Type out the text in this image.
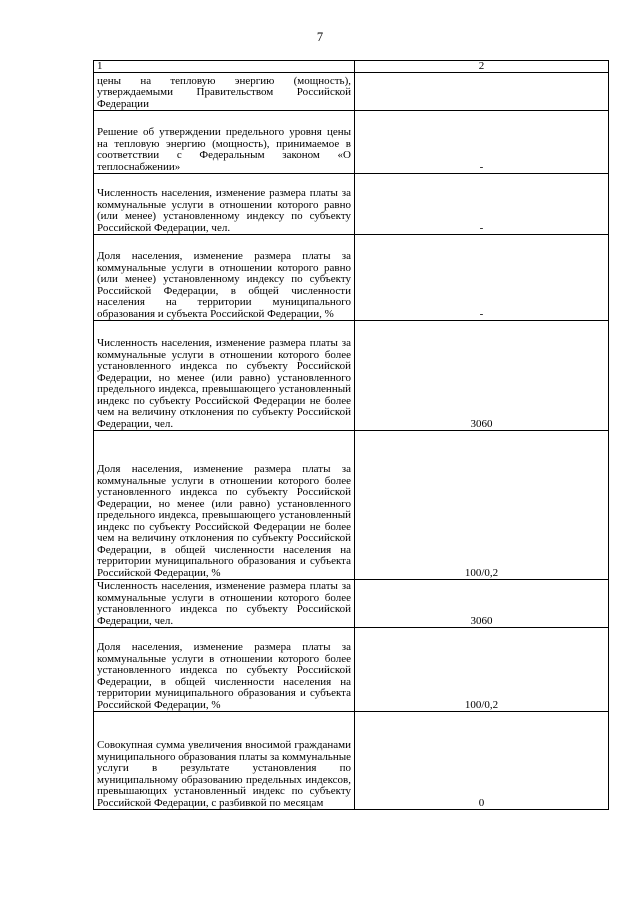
7
1	2
цены на тепловую энергию (мощность), утверждаемыми Правительством Российской Федерации	
Решение об утверждении предельного уровня цены на тепловую энергию (мощность), принимаемое в соответствии с Федеральным законом «О теплоснабжении»	-
Численность населения, изменение размера платы за коммунальные услуги в отношении которого равно (или менее) установленному индексу по субъекту Российской Федерации, чел.	-
Доля населения, изменение размера платы за коммунальные услуги в отношении которого равно (или менее) установленному индексу по субъекту Российской Федерации, в общей численности населения на территории муниципального образования и субъекта Российской Федерации, %	-
Численность населения, изменение размера платы за коммунальные услуги в отношении которого более установленного индекса по субъекту Российской Федерации, но менее (или равно) установленного предельного индекса, превышающего установленный индекс по субъекту Российской Федерации не более чем на величину отклонения по субъекту Российской Федерации, чел.	3060
Доля населения, изменение размера платы за коммунальные услуги в отношении которого более установленного индекса по субъекту Российской Федерации, но менее (или равно) установленного предельного индекса, превышающего установленный индекс по субъекту Российской Федерации не более чем на величину отклонения по субъекту Российской Федерации, в общей численности населения на территории муниципального образования и субъекта Российской Федерации, %	100/0,2
Численность населения, изменение размера платы за коммунальные услуги в отношении которого более установленного индекса по субъекту Российской Федерации, чел.	3060
Доля населения, изменение размера платы за коммунальные услуги в отношении которого более установленного индекса по субъекту Российской Федерации, в общей численности населения на территории муниципального образования и субъекта Российской Федерации, %	100/0,2
Совокупная сумма увеличения вносимой гражданами муниципального образования платы за коммунальные услуги в результате установления по муниципальному образованию предельных индексов, превышающих установленный индекс по субъекту Российской Федерации, с разбивкой по месяцам	0
